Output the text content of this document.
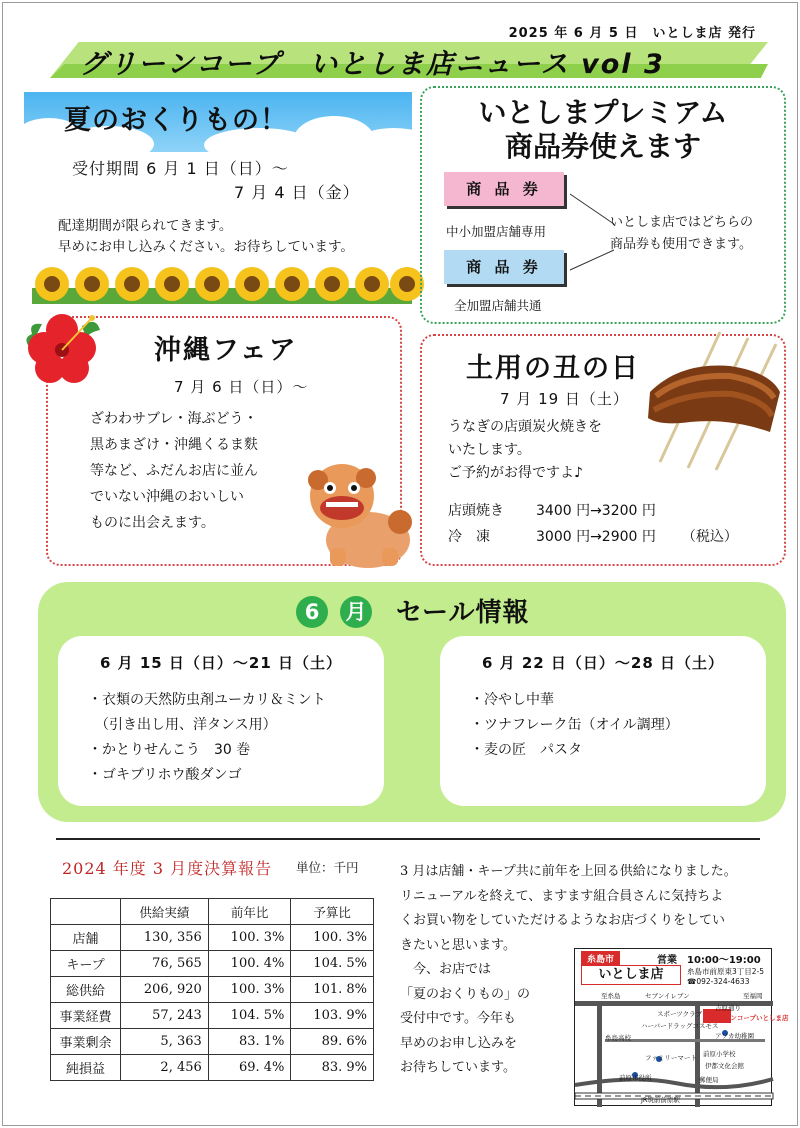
2025 年 6 月 5 日　いとしま店 発行
グリーンコープ　いとしま店ニュース vol 3
夏のおくりもの！
受付期間 6 月 1 日（日）～
7 月 4 日（金）
配達期間が限られてきます。
早めにお申し込みください。お待ちしています。
いとしまプレミアム
商品券使えます
商 品 券
中小加盟店舗専用
商 品 券
全加盟店舗共通
いとしま店ではどちらの
商品券も使用できます。
沖縄フェア
7 月 6 日（日）～
ざわわサブレ・海ぶどう・
黒あまざけ・沖縄くるま麩
等など、ふだんお店に並ん
でいない沖縄のおいしい
ものに出会えます。
土用の丑の日
7 月 19 日（土）
うなぎの店頭炭火焼きを
いたします。
ご予約がお得ですよ♪
店頭焼き 3400 円→3200 円
冷　凍	3000 円→2900 円 （税込）
6	月 セール情報
6 月 15 日（日）～21 日（土）
・衣類の天然防虫剤ユーカリ＆ミント
　（引き出し用、洋タンス用）
・かとりせんこう　30 巻
・ゴキブリホウ酸ダンゴ
6 月 22 日（日）～28 日（土）
・冷やし中華
・ツナフレーク缶（オイル調理）
・麦の匠　パスタ
2024 年度 3 月度決算報告 単位：千円
	供給実績	前年比	予算比
店舗	130, 356	100. 3%	100. 3%
キープ	76, 565	100. 4%	104. 5%
総供給	206, 920	100. 3%	101. 8%
事業経費	57, 243	104. 5%	103. 9%
事業剰余	5, 363	83. 1%	89. 6%
純損益	2, 456	69. 4%	83. 9%
3 月は店舗・キープ共に前年を上回る供給になりました。
リニューアルを終えて、ますます組合員さんに気持ちよ
くお買い物をしていただけるようなお店づくりをしてい
きたいと思います。
　今、お店では
「夏のおくりもの」の
受付中です。今年も
早めのお申し込みを
お待ちしています。
糸島市	営業　10:00～19:00
いとしま店	糸島市前原東3丁目2-5
☎092-324-4633
至糸島	セブンイレブン	至福岡
スポーツクラブ
吉原通り
ハーバードラッグコスモス
グリーンコープいとしま店
糸島高校	アソカ幼稚園
ファミリーマート 前原小学校
伊都文化会館
前原市役所
JR筑前前原駅
郵便局
